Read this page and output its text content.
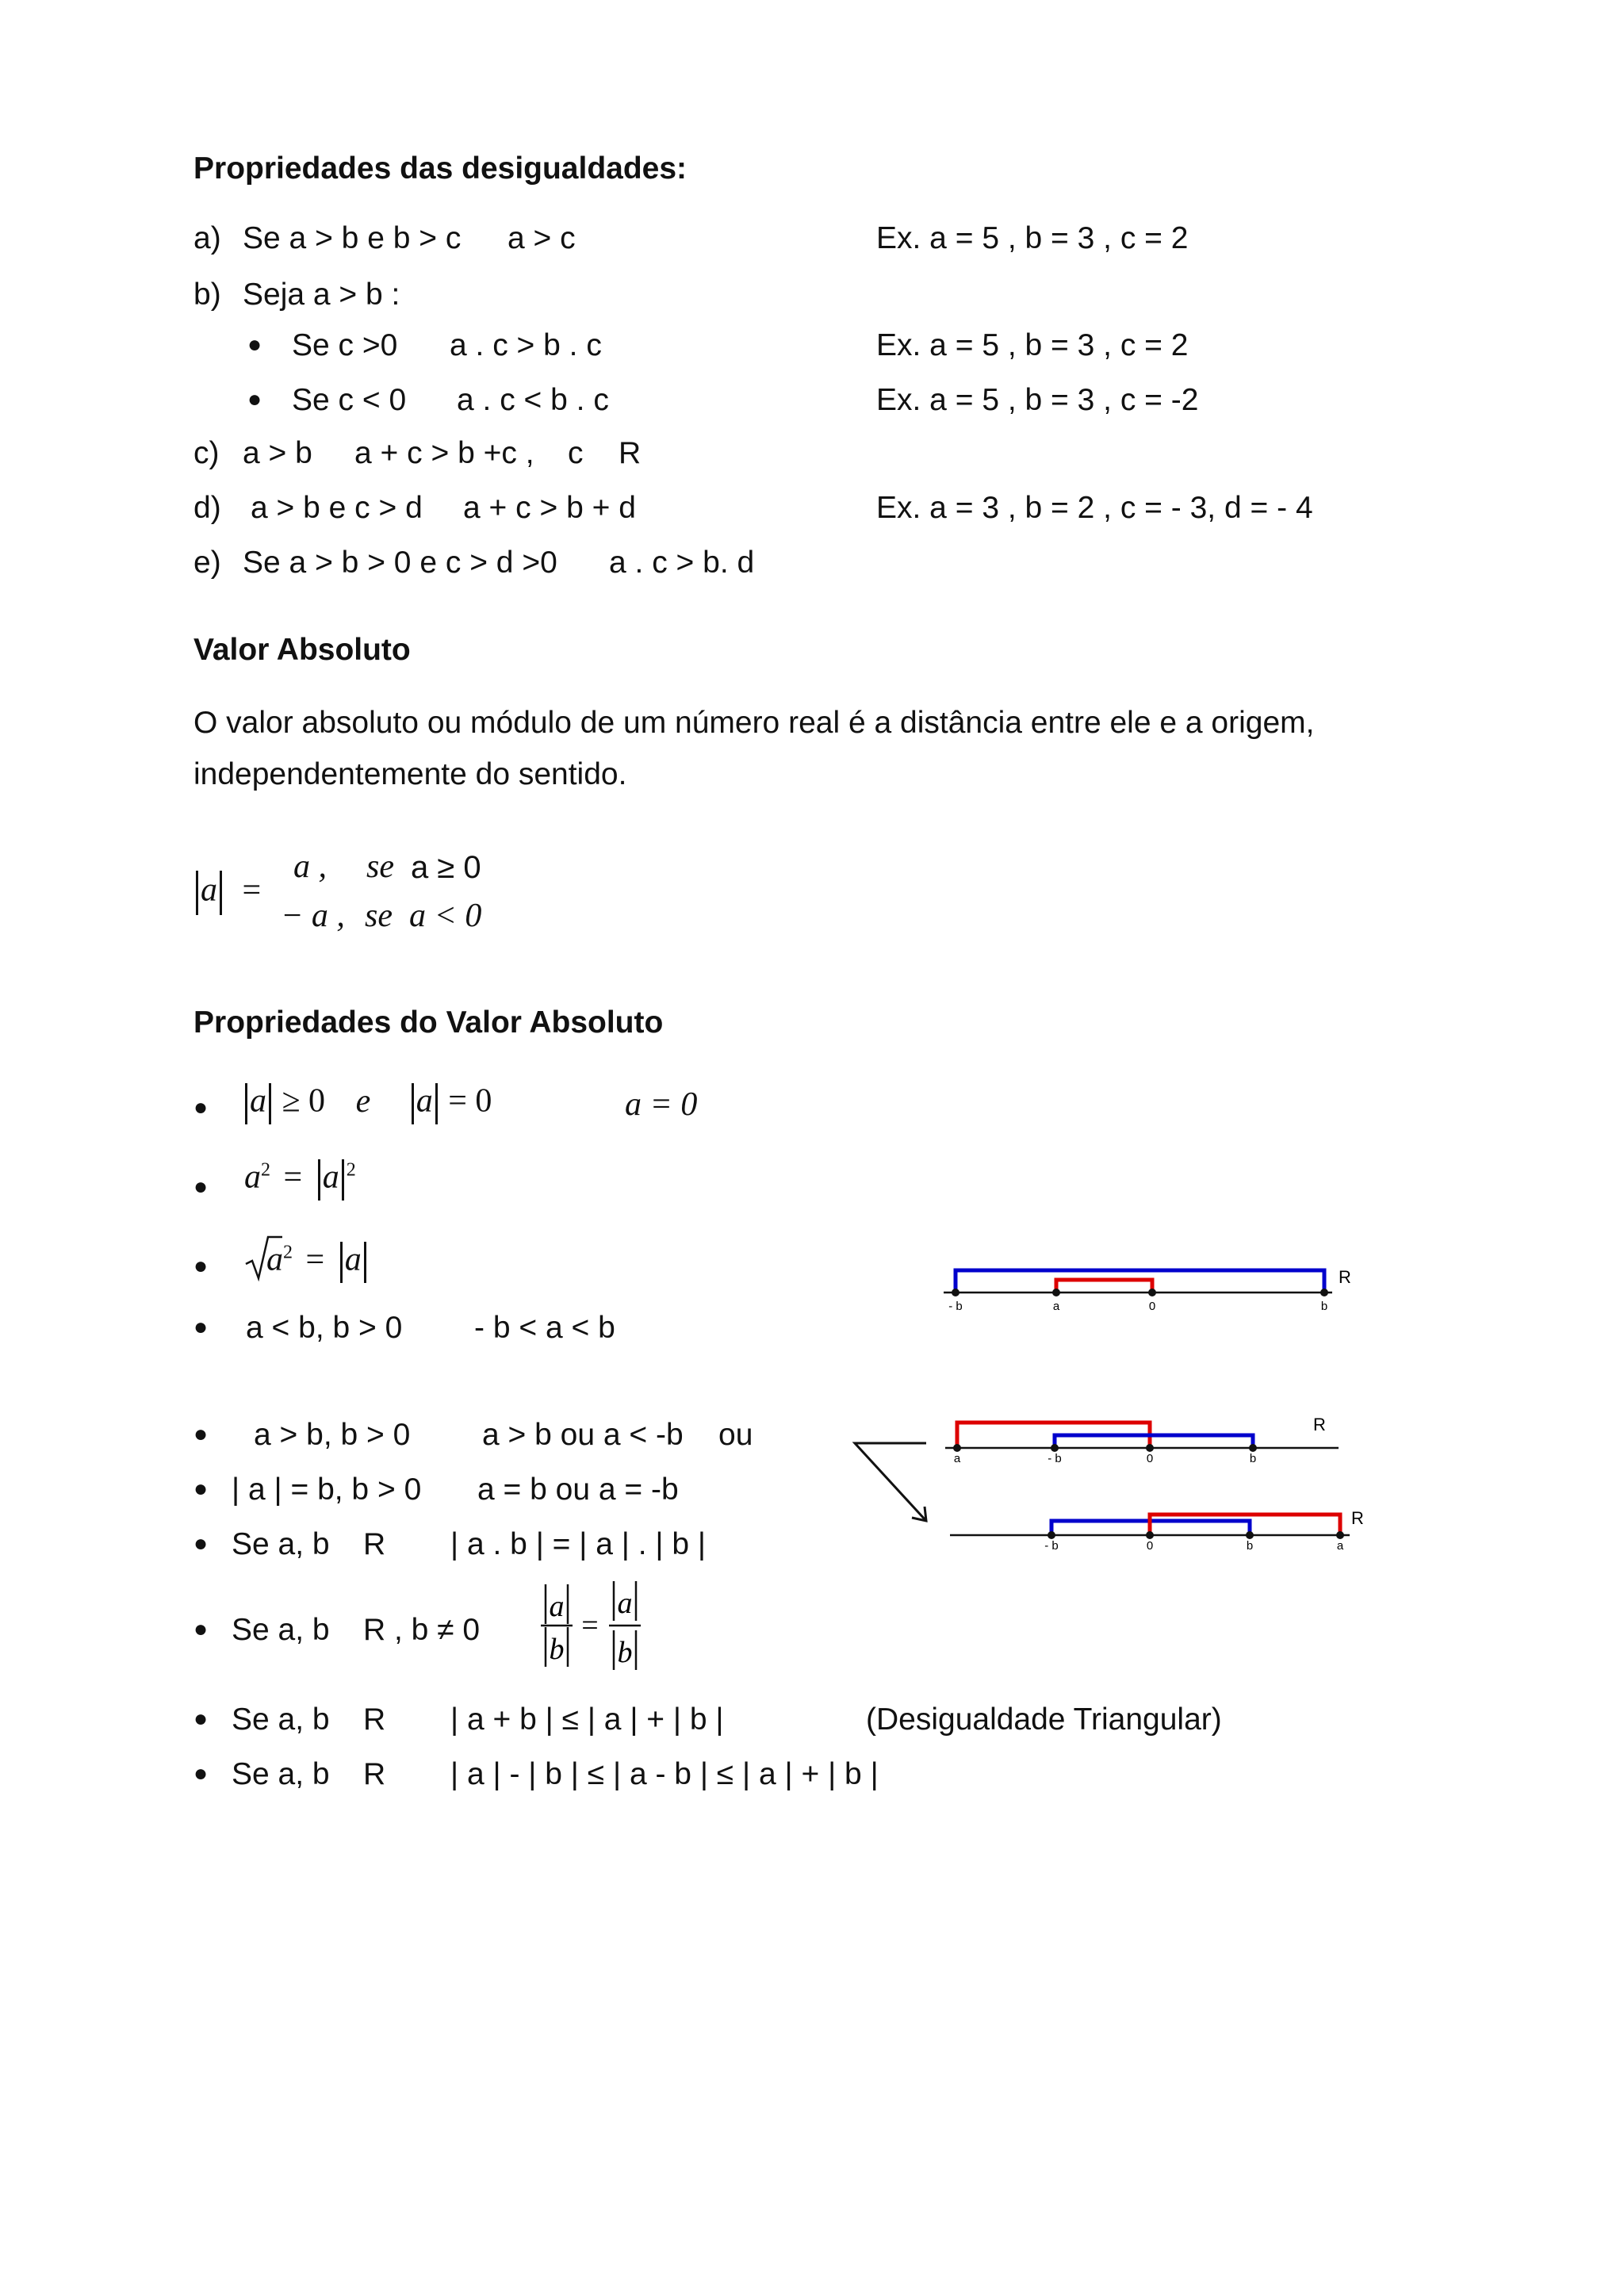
Propriedades das desigualdades:
a) Se a > b e b > c a > c	Ex. a = 5 , b = 3 , c = 2
b) Seja a > b :
● Se c >0 a . c > b . c	Ex. a = 5 , b = 3 , c = 2
● Se c < 0 a . c < b . c	Ex. a = 5 , b = 3 , c = -2
c) a > b a + c > b +c , c R
d) a > b e c > d a + c > b + d	Ex. a = 3 , b = 2 , c = - 3, d = - 4
e) Se a > b > 0 e c > d >0 a . c > b. d
Valor Absoluto
O valor absoluto ou módulo de um número real é a distância entre ele e a origem,
independentemente do sentido.
a =
a , se a ≥ 0
− a , se a < 0
Propriedades do Valor Absoluto
● a ≥ 0 e a = 0	a = 0
● $a^2 = a$ $^2$
● $a^2 = a$
● a < b, b > 0 - b < a < b
● a > b, b > 0 a > b ou a < -b ou
● | a | = b, b > 0 a = b ou a = -b
● Se a, b R | a . b | = | a | . | b |
● Se a, b R , b ≠ 0
a
b
=
a
b
● Se a, b R | a + b | ≤ | a | + | b |	(Desigualdade Triangular)
● Se a, b R | a | - | b | ≤ | a - b | ≤ | a | + | b |
- b	a	0	b
R
a	- b	0	b
R
- b	0	b	a
R
